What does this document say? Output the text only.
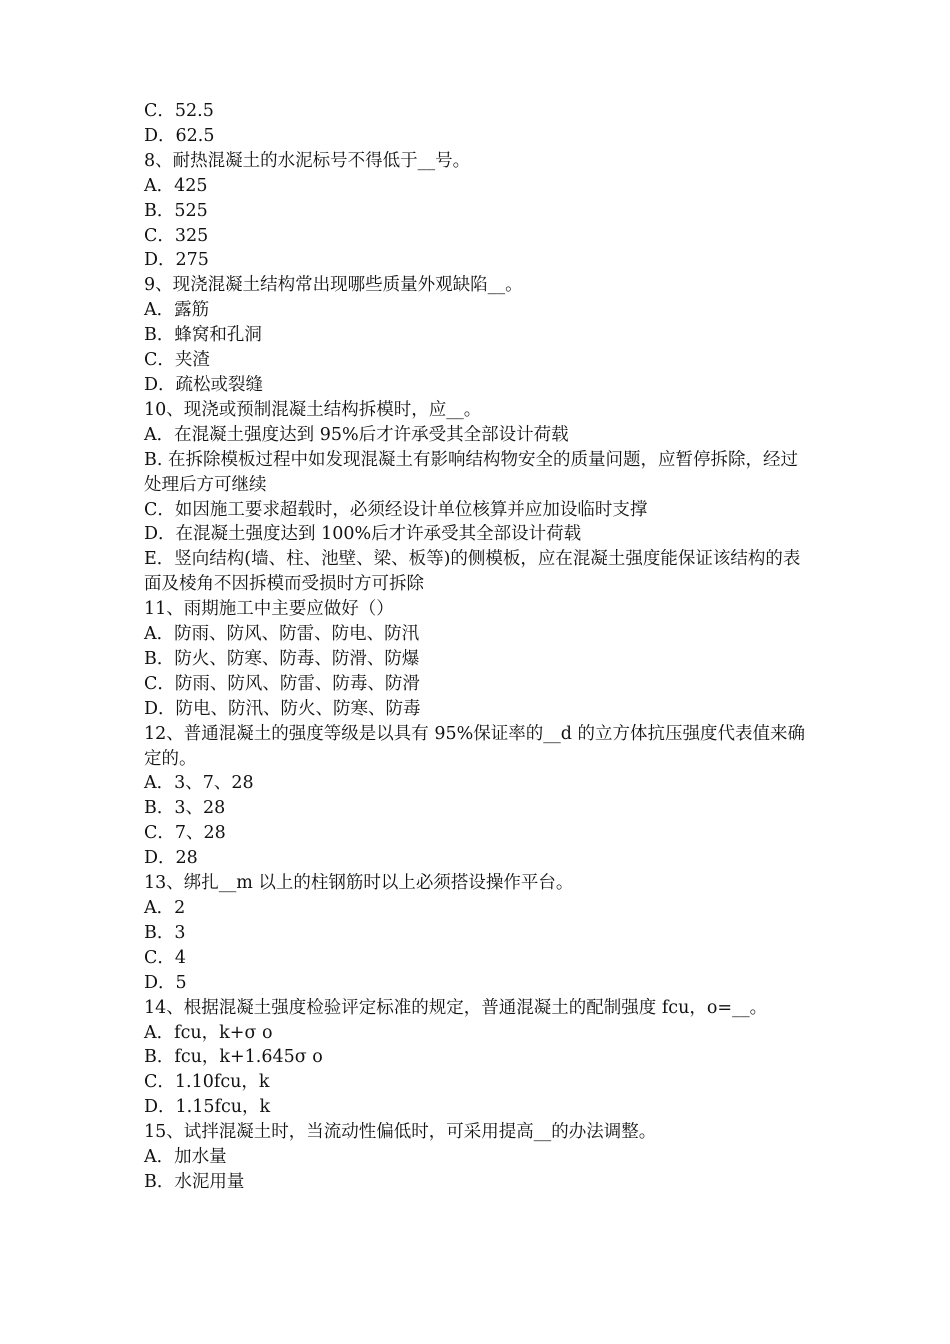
C．52.5
D．62.5
8、耐热混凝土的水泥标号不得低于__号。
A．425
B．525
C．325
D．275
9、现浇混凝土结构常出现哪些质量外观缺陷__。
A．露筋
B．蜂窝和孔洞
C．夹渣
D．疏松或裂缝
10、现浇或预制混凝土结构拆模时，应__。
A．在混凝土强度达到 95%后才许承受其全部设计荷载
B. 在拆除模板过程中如发现混凝土有影响结构物安全的质量问题，应暂停拆除，经过处理后方可继续
C．如因施工要求超载时，必须经设计单位核算并应加设临时支撑
D．在混凝土强度达到 100%后才许承受其全部设计荷载
E．竖向结构(墙、柱、池壁、梁、板等)的侧模板，应在混凝土强度能保证该结构的表面及棱角不因拆模而受损时方可拆除
11、雨期施工中主要应做好（）
A．防雨、防风、防雷、防电、防汛
B．防火、防寒、防毒、防滑、防爆
C．防雨、防风、防雷、防毒、防滑
D．防电、防汛、防火、防寒、防毒
12、普通混凝土的强度等级是以具有 95%保证率的__d 的立方体抗压强度代表值来确定的。
A．3、7、28
B．3、28
C．7、28
D．28
13、绑扎__m 以上的柱钢筋时以上必须搭设操作平台。
A．2
B．3
C．4
D．5
14、根据混凝土强度检验评定标准的规定，普通混凝土的配制强度 fcu，o=__。
A．fcu，k+σ o
B．fcu，k+1.645σ o
C．1.10fcu，k
D．1.15fcu，k
15、试拌混凝土时，当流动性偏低时，可采用提高__的办法调整。
A．加水量
B．水泥用量
